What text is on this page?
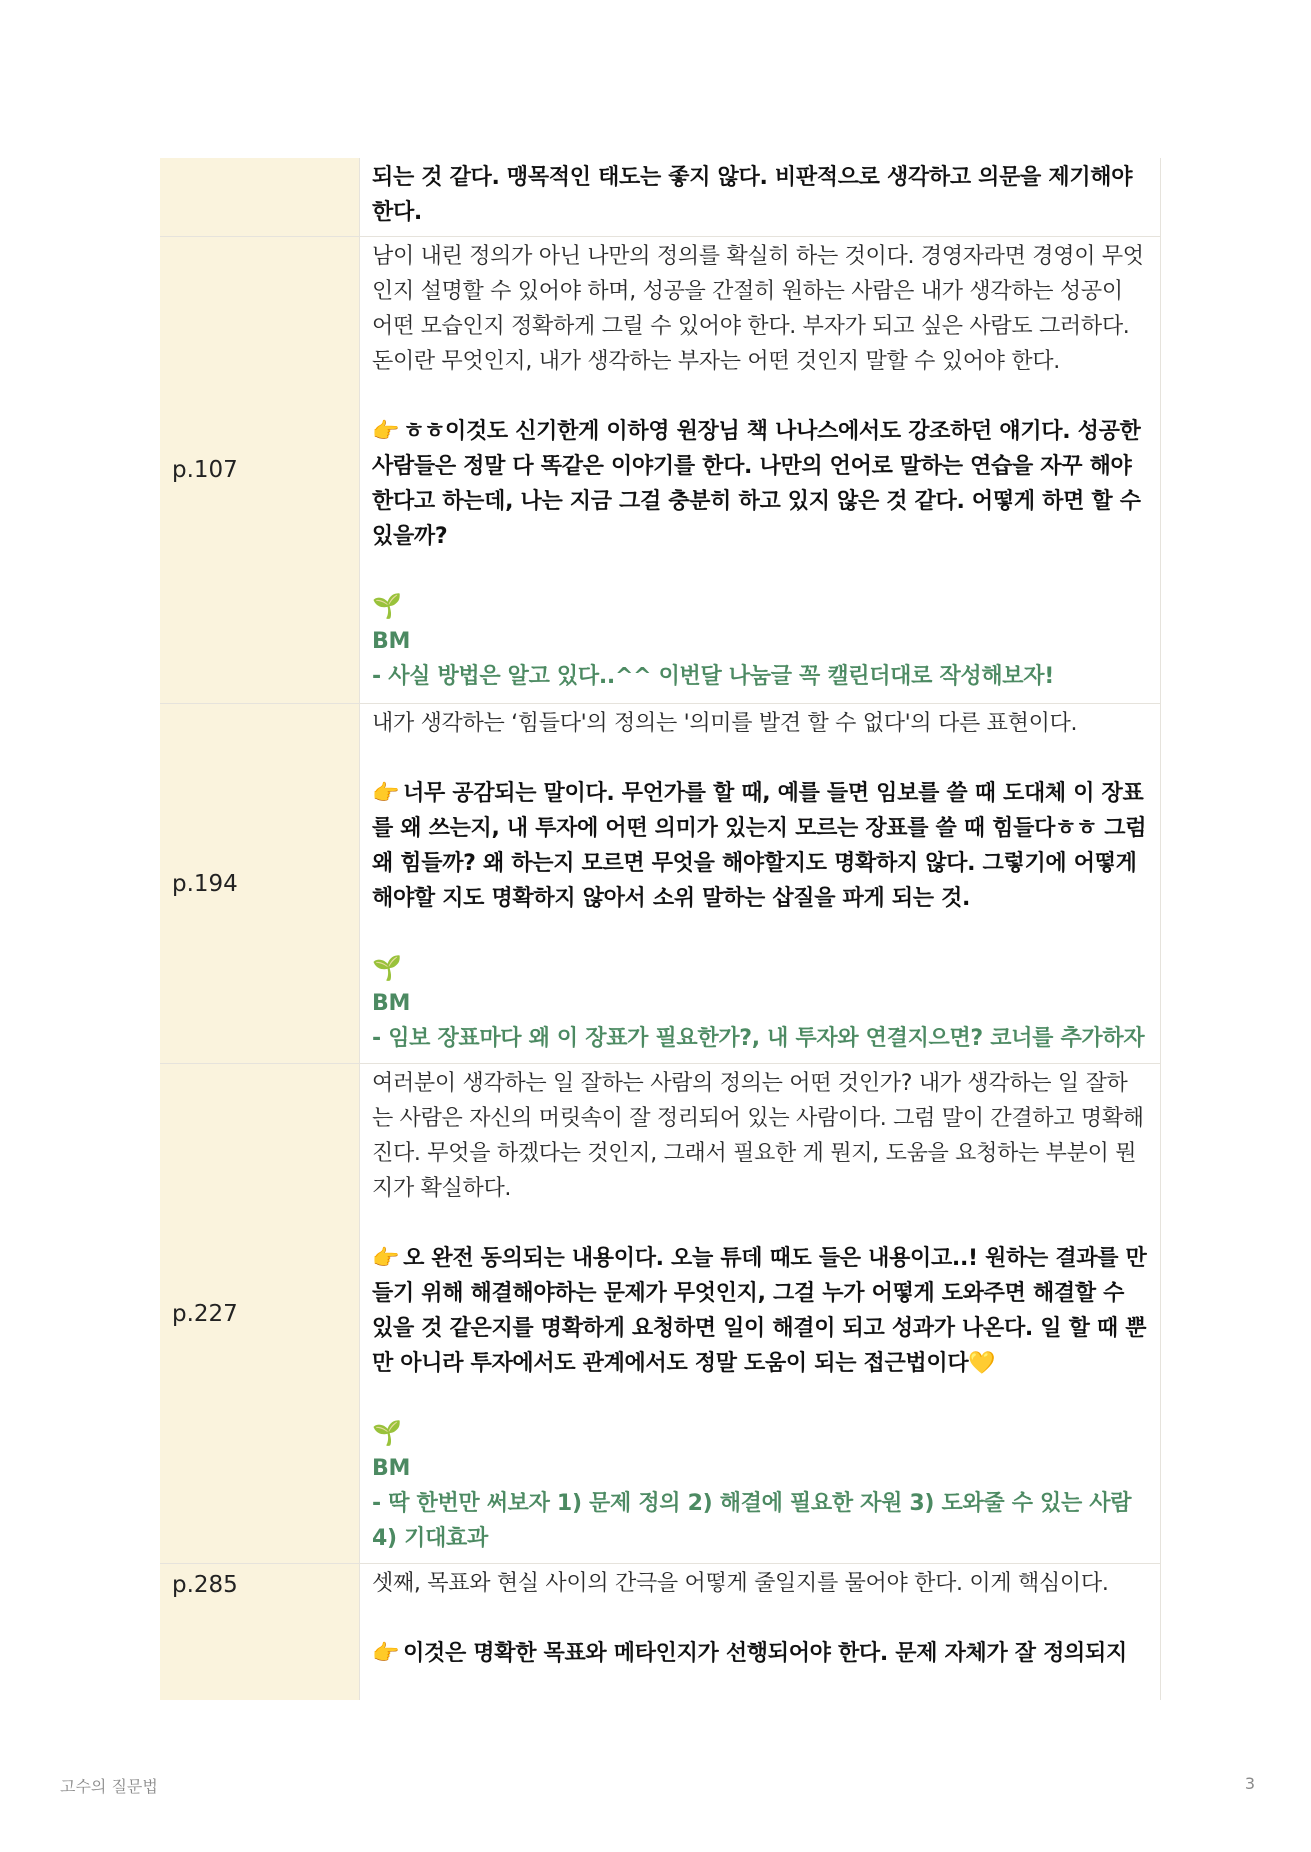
되는 것 같다. 맹목적인 태도는 좋지 않다. 비판적으로 생각하고 의문을 제기해야 한다.
p.107
남이 내린 정의가 아닌 나만의 정의를 확실히 하는 것이다. 경영자라면 경영이 무엇인지 설명할 수 있어야 하며, 성공을 간절히 원하는 사람은 내가 생각하는 성공이 어떤 모습인지 정확하게 그릴 수 있어야 한다. 부자가 되고 싶은 사람도 그러하다. 돈이란 무엇인지, 내가 생각하는 부자는 어떤 것인지 말할 수 있어야 한다.
👉 ㅎㅎ이것도 신기한게 이하영 원장님 책 나나스에서도 강조하던 얘기다. 성공한 사람들은 정말 다 똑같은 이야기를 한다. 나만의 언어로 말하는 연습을 자꾸 해야한다고 하는데, 나는 지금 그걸 충분히 하고 있지 않은 것 같다. 어떻게 하면 할 수 있을까?
🌱
BM
- 사실 방법은 알고 있다..^^ 이번달 나눔글 꼭 캘린더대로 작성해보자!
p.194
내가 생각하는 ‘힘들다'의 정의는 '의미를 발견 할 수 없다'의 다른 표현이다.
👉 너무 공감되는 말이다. 무언가를 할 때, 예를 들면 임보를 쓸 때 도대체 이 장표를 왜 쓰는지, 내 투자에 어떤 의미가 있는지 모르는 장표를 쓸 때 힘들다ㅎㅎ 그럼 왜 힘들까? 왜 하는지 모르면 무엇을 해야할지도 명확하지 않다. 그렇기에 어떻게 해야할 지도 명확하지 않아서 소위 말하는 삽질을 파게 되는 것.
🌱
BM
- 임보 장표마다 왜 이 장표가 필요한가?, 내 투자와 연결지으면? 코너를 추가하자
p.227
여러분이 생각하는 일 잘하는 사람의 정의는 어떤 것인가? 내가 생각하는 일 잘하는 사람은 자신의 머릿속이 잘 정리되어 있는 사람이다. 그럼 말이 간결하고 명확해진다. 무엇을 하겠다는 것인지, 그래서 필요한 게 뭔지, 도움을 요청하는 부분이 뭔지가 확실하다.
👉 오 완전 동의되는 내용이다. 오늘 튜데 때도 들은 내용이고..! 원하는 결과를 만들기 위해 해결해야하는 문제가 무엇인지, 그걸 누가 어떻게 도와주면 해결할 수 있을 것 같은지를 명확하게 요청하면 일이 해결이 되고 성과가 나온다. 일 할 때 뿐만 아니라 투자에서도 관계에서도 정말 도움이 되는 접근법이다💛
🌱
BM
- 딱 한번만 써보자 1) 문제 정의 2) 해결에 필요한 자원 3) 도와줄 수 있는 사람 4) 기대효과
p.285	셋째, 목표와 현실 사이의 간극을 어떻게 줄일지를 물어야 한다. 이게 핵심이다.
👉 이것은 명확한 목표와 메타인지가 선행되어야 한다. 문제 자체가 잘 정의되지
고수의 질문법	3
